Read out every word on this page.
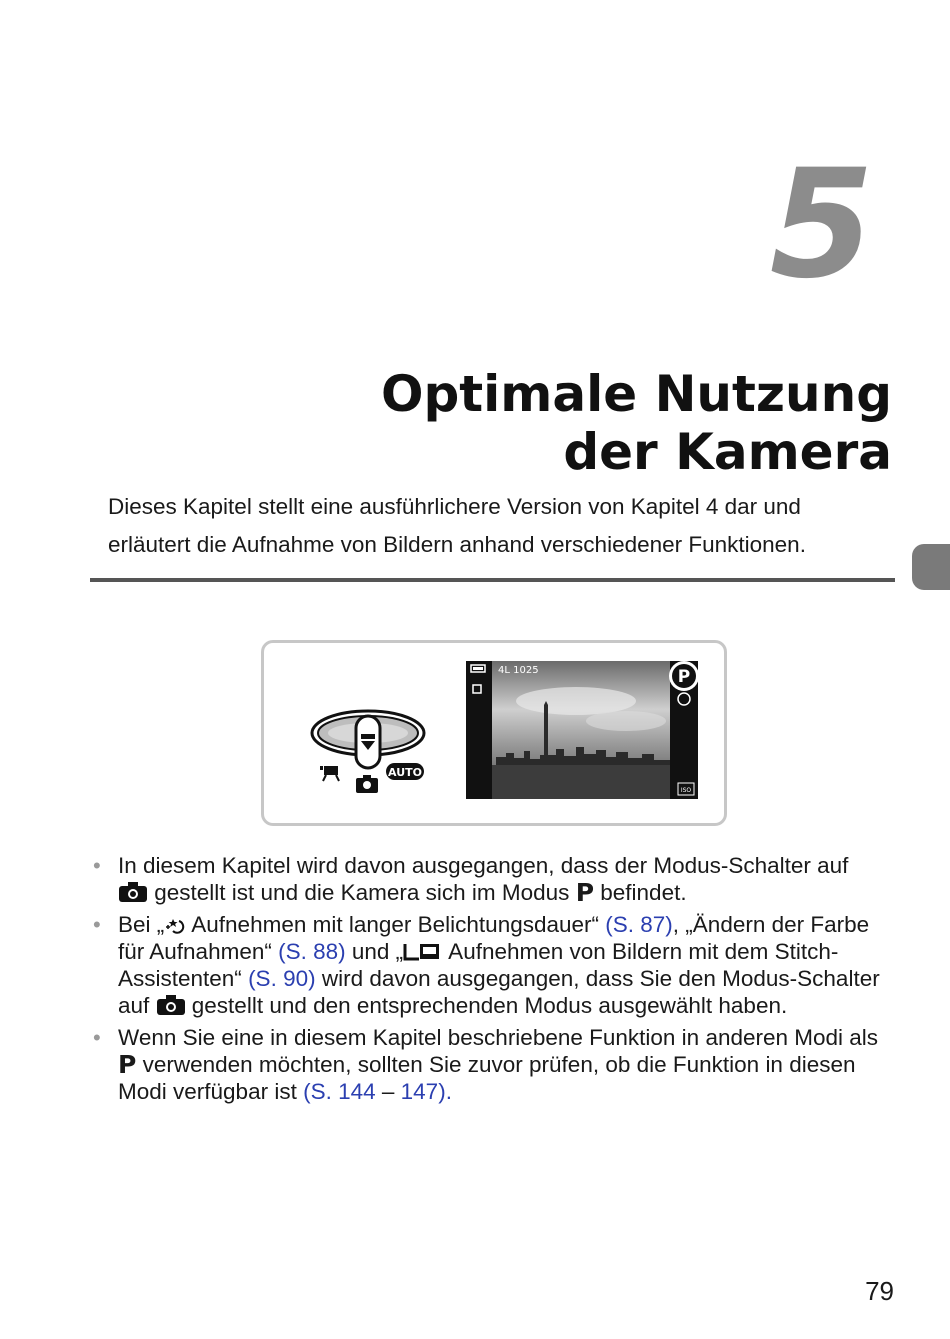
5
Optimale Nutzung
der Kamera
Dieses Kapitel stellt eine ausführlichere Version von Kapitel 4 dar und
erläutert die Aufnahme von Bildern anhand verschiedener Funktionen.
AUTO
4L 1025	P
ISO
• In diesem Kapitel wird davon ausgegangen, dass der Modus-Schalter auf
gestellt ist und die Kamera sich im Modus P befindet.
• Bei „ Aufnehmen mit langer Belichtungsdauer“ (S. 87), „Ändern der Farbe für Aufnahmen“ (S. 88) und „ Aufnehmen von Bildern mit dem Stitch-Assistenten“ (S. 90) wird davon ausgegangen, dass Sie den Modus-Schalter auf  gestellt und den entsprechenden Modus ausgewählt haben.
• Wenn Sie eine in diesem Kapitel beschriebene Funktion in anderen Modi als P verwenden möchten, sollten Sie zuvor prüfen, ob die Funktion in diesen Modi verfügbar ist (S. 144 – 147).
79
